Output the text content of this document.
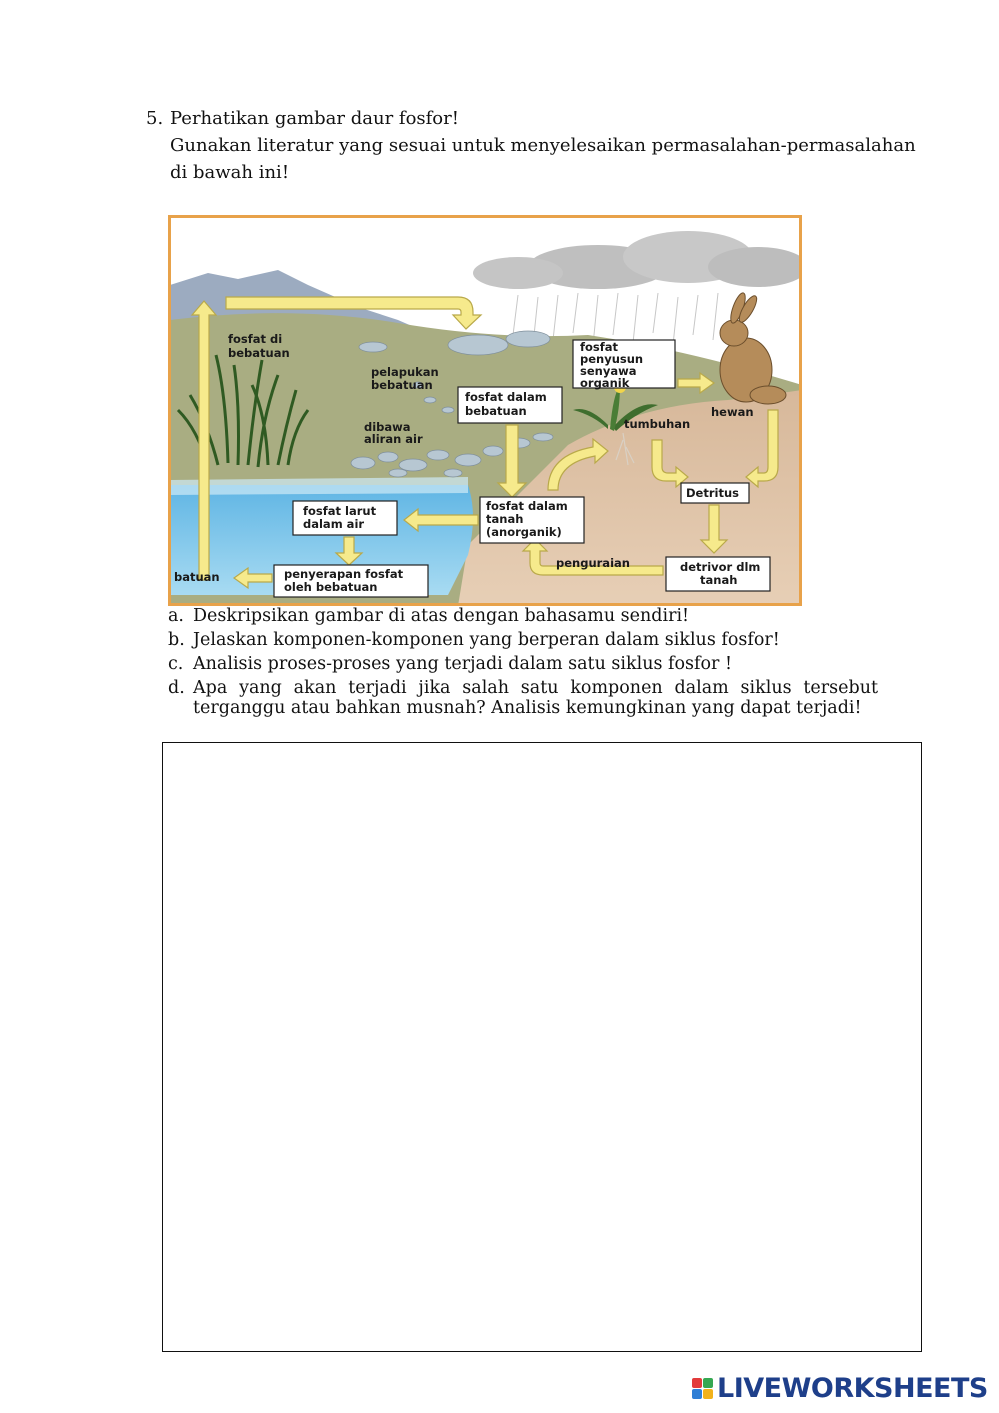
5. Perhatikan gambar daur fosfor!
Gunakan literatur yang sesuai untuk menyelesaikan permasalahan-permasalahan
di bawah ini!
fosfat di bebatuan
pelapukan bebatuan
fosfat dalam bebatuan
fosfat penyusun senyawa organik
hewan
tumbuhan
dibawa aliran air
fosfat larut dalam air
fosfat dalam tanah (anorganik)
Detritus
penguraian	detrivor dlm tanah
batuan	penyerapan fosfat oleh bebatuan
a. Deskripsikan gambar di atas dengan bahasamu sendiri!
b. Jelaskan komponen-komponen yang berperan dalam siklus fosfor!
c. Analisis proses-proses yang terjadi dalam satu siklus fosfor !
d. Apa yang akan terjadi jika salah satu komponen dalam siklus tersebut
terganggu atau bahkan musnah? Analisis kemungkinan yang dapat terjadi!
LIVEWORKSHEETS
